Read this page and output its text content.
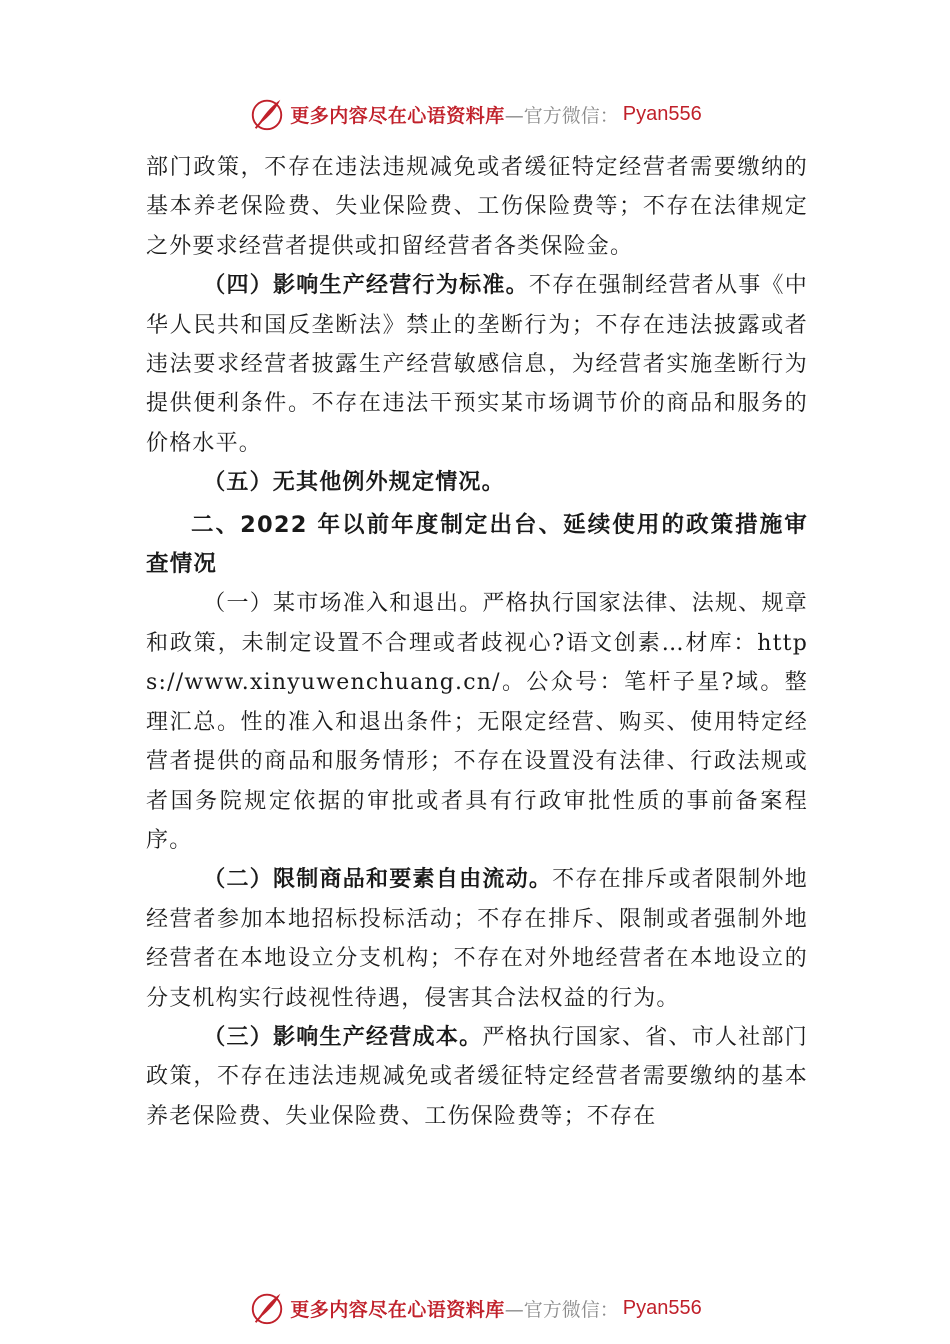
更多内容尽在心语资料库 —官方微信： Pyan556

部门政策，不存在违法违规减免或者缓征特定经营者需要缴纳的基本养老保险费、失业保险费、工伤保险费等；不存在法律规定之外要求经营者提供或扣留经营者各类保险金。

（四）影响生产经营行为标准。不存在强制经营者从事《中华人民共和国反垄断法》禁止的垄断行为；不存在违法披露或者违法要求经营者披露生产经营敏感信息，为经营者实施垄断行为提供便利条件。不存在违法干预实某市场调节价的商品和服务的价格水平。

（五）无其他例外规定情况。

二、2022 年以前年度制定出台、延续使用的政策措施审查情况

（一）某市场准入和退出。严格执行国家法律、法规、规章和政策，未制定设置不合理或者歧视心?语文创素…材库：https://www.xinyuwenchuang.cn/。公众号：笔杆子星?域。整理汇总。性的准入和退出条件；无限定经营、购买、使用特定经营者提供的商品和服务情形；不存在设置没有法律、行政法规或者国务院规定依据的审批或者具有行政审批性质的事前备案程序。

（二）限制商品和要素自由流动。不存在排斥或者限制外地经营者参加本地招标投标活动；不存在排斥、限制或者强制外地经营者在本地设立分支机构；不存在对外地经营者在本地设立的分支机构实行歧视性待遇，侵害其合法权益的行为。

（三）影响生产经营成本。严格执行国家、省、市人社部门政策，不存在违法违规减免或者缓征特定经营者需要缴纳的基本养老保险费、失业保险费、工伤保险费等；不存在

更多内容尽在心语资料库 —官方微信： Pyan556
